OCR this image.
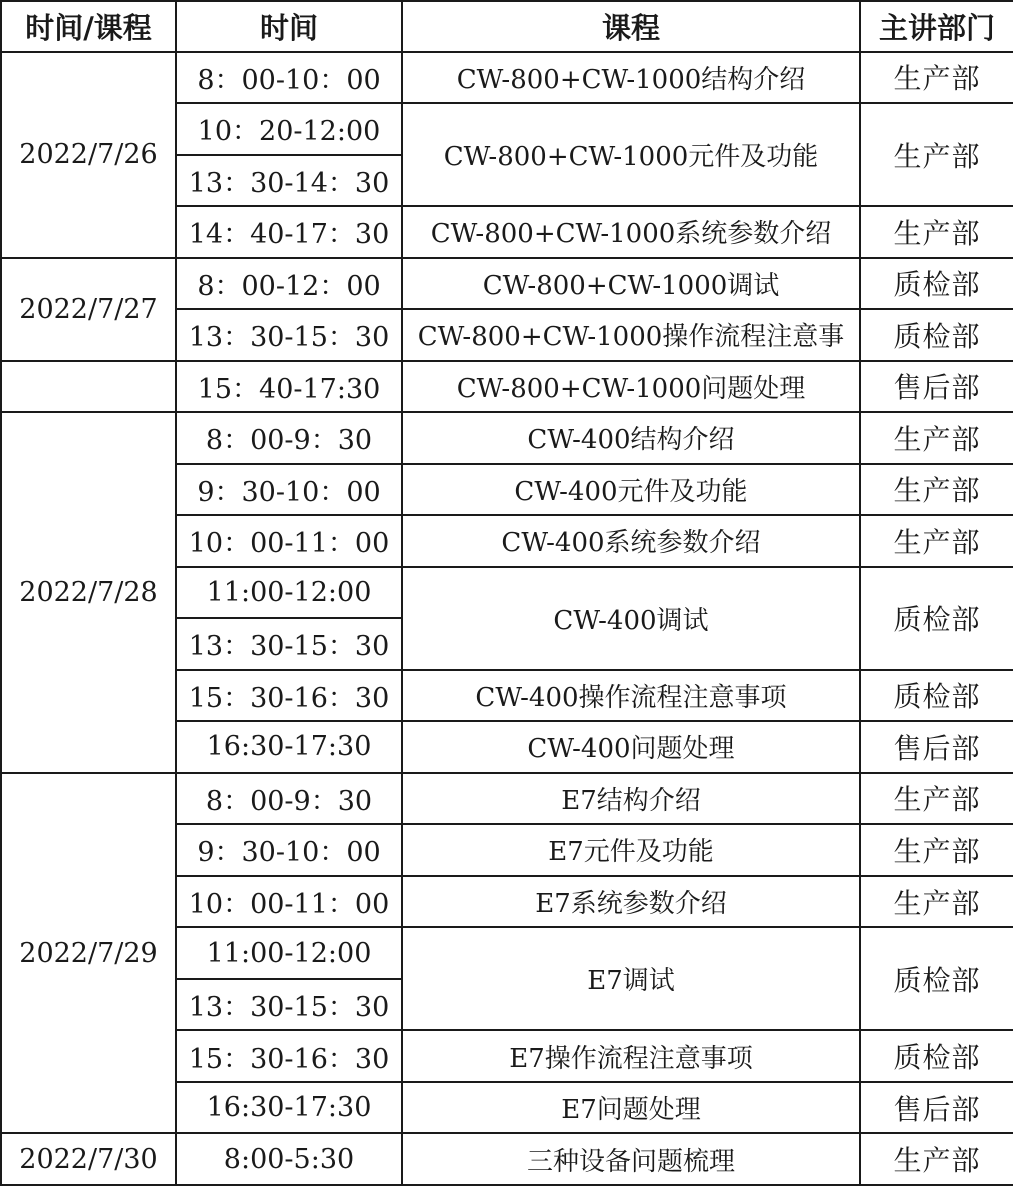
时间/课程	时间	课程	主讲部门
2022/7/26	8：00-10：00	CW-800+CW-1000结构介绍	生产部
	10：20-12:00	CW-800+CW-1000元件及功能	生产部
	13：30-14：30		
	14：40-17：30	CW-800+CW-1000系统参数介绍	生产部
2022/7/27	8：00-12：00	CW-800+CW-1000调试	质检部
	13：30-15：30	CW-800+CW-1000操作流程注意事	质检部
	15：40-17:30	CW-800+CW-1000问题处理	售后部
2022/7/28	8：00-9：30	CW-400结构介绍	生产部
	9：30-10：00	CW-400元件及功能	生产部
	10：00-11：00	CW-400系统参数介绍	生产部
	11:00-12:00	CW-400调试	质检部
	13：30-15：30		
	15：30-16：30	CW-400操作流程注意事项	质检部
	16:30-17:30	CW-400问题处理	售后部
2022/7/29	8：00-9：30	E7结构介绍	生产部
	9：30-10：00	E7元件及功能	生产部
	10：00-11：00	E7系统参数介绍	生产部
	11:00-12:00	E7调试	质检部
	13：30-15：30		
	15：30-16：30	E7操作流程注意事项	质检部
	16:30-17:30	E7问题处理	售后部
2022/7/30	8:00-5:30	三种设备问题梳理	生产部
